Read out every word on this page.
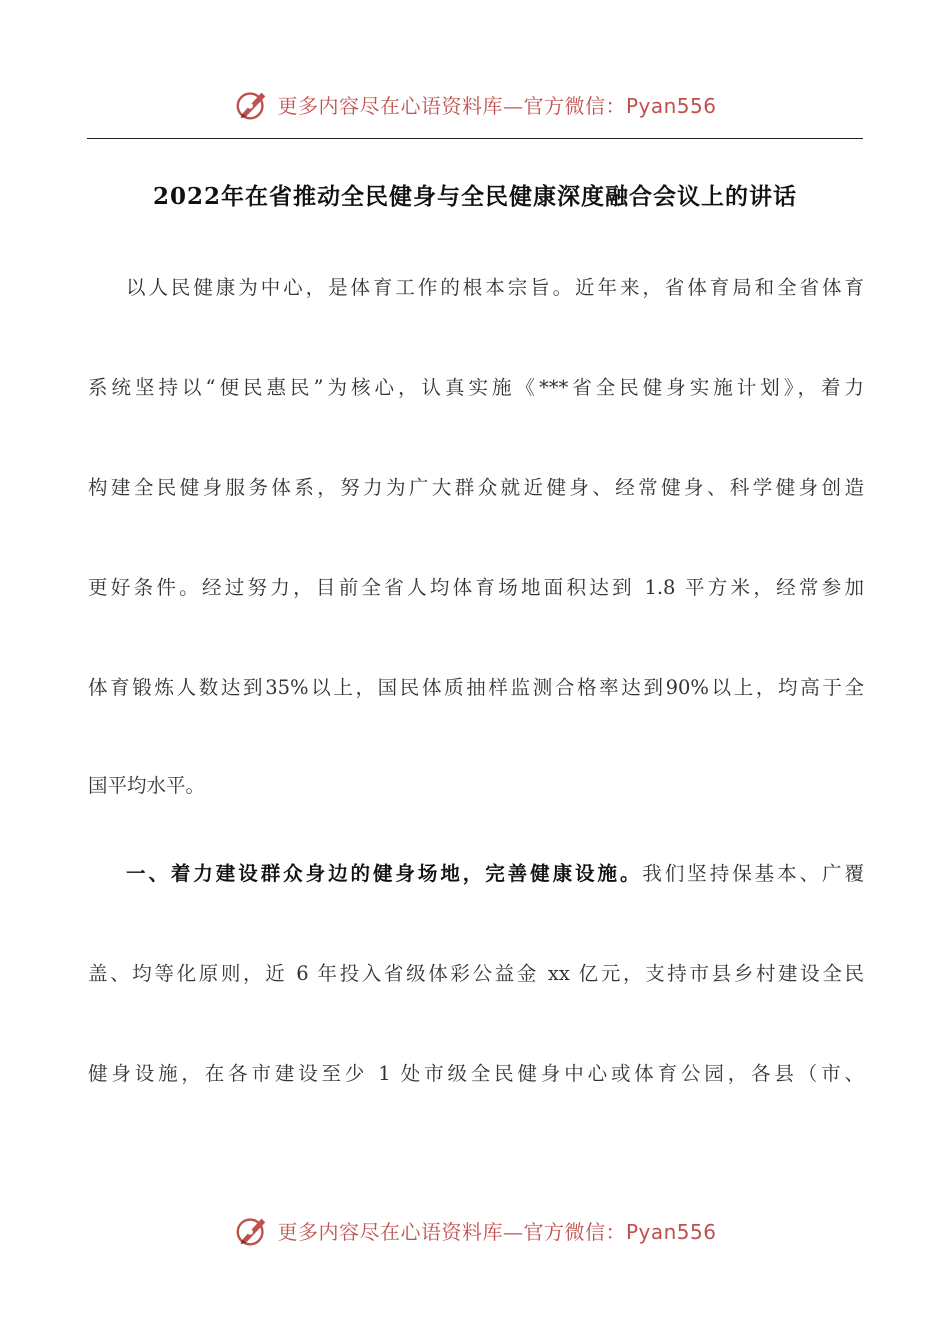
更多内容尽在心语资料库—官方微信：Pyan556
2022年在省推动全民健身与全民健康深度融合会议上的讲话

以人民健康为中心，是体育工作的根本宗旨。近年来，省体育局和全省体育

系统坚持以“便民惠民”为核心，认真实施《***省全民健身实施计划》，着力

构建全民健身服务体系，努力为广大群众就近健身、经常健身、科学健身创造

更好条件。经过努力，目前全省人均体育场地面积达到 1.8 平方米，经常参加

体育锻炼人数达到35%以上，国民体质抽样监测合格率达到90%以上，均高于全

国平均水平。

一、着力建设群众身边的健身场地，完善健康设施。我们坚持保基本、广覆

盖、均等化原则，近 6 年投入省级体彩公益金 xx 亿元，支持市县乡村建设全民

健身设施，在各市建设至少 1 处市级全民健身中心或体育公园，各县（市、

更多内容尽在心语资料库—官方微信：Pyan556
